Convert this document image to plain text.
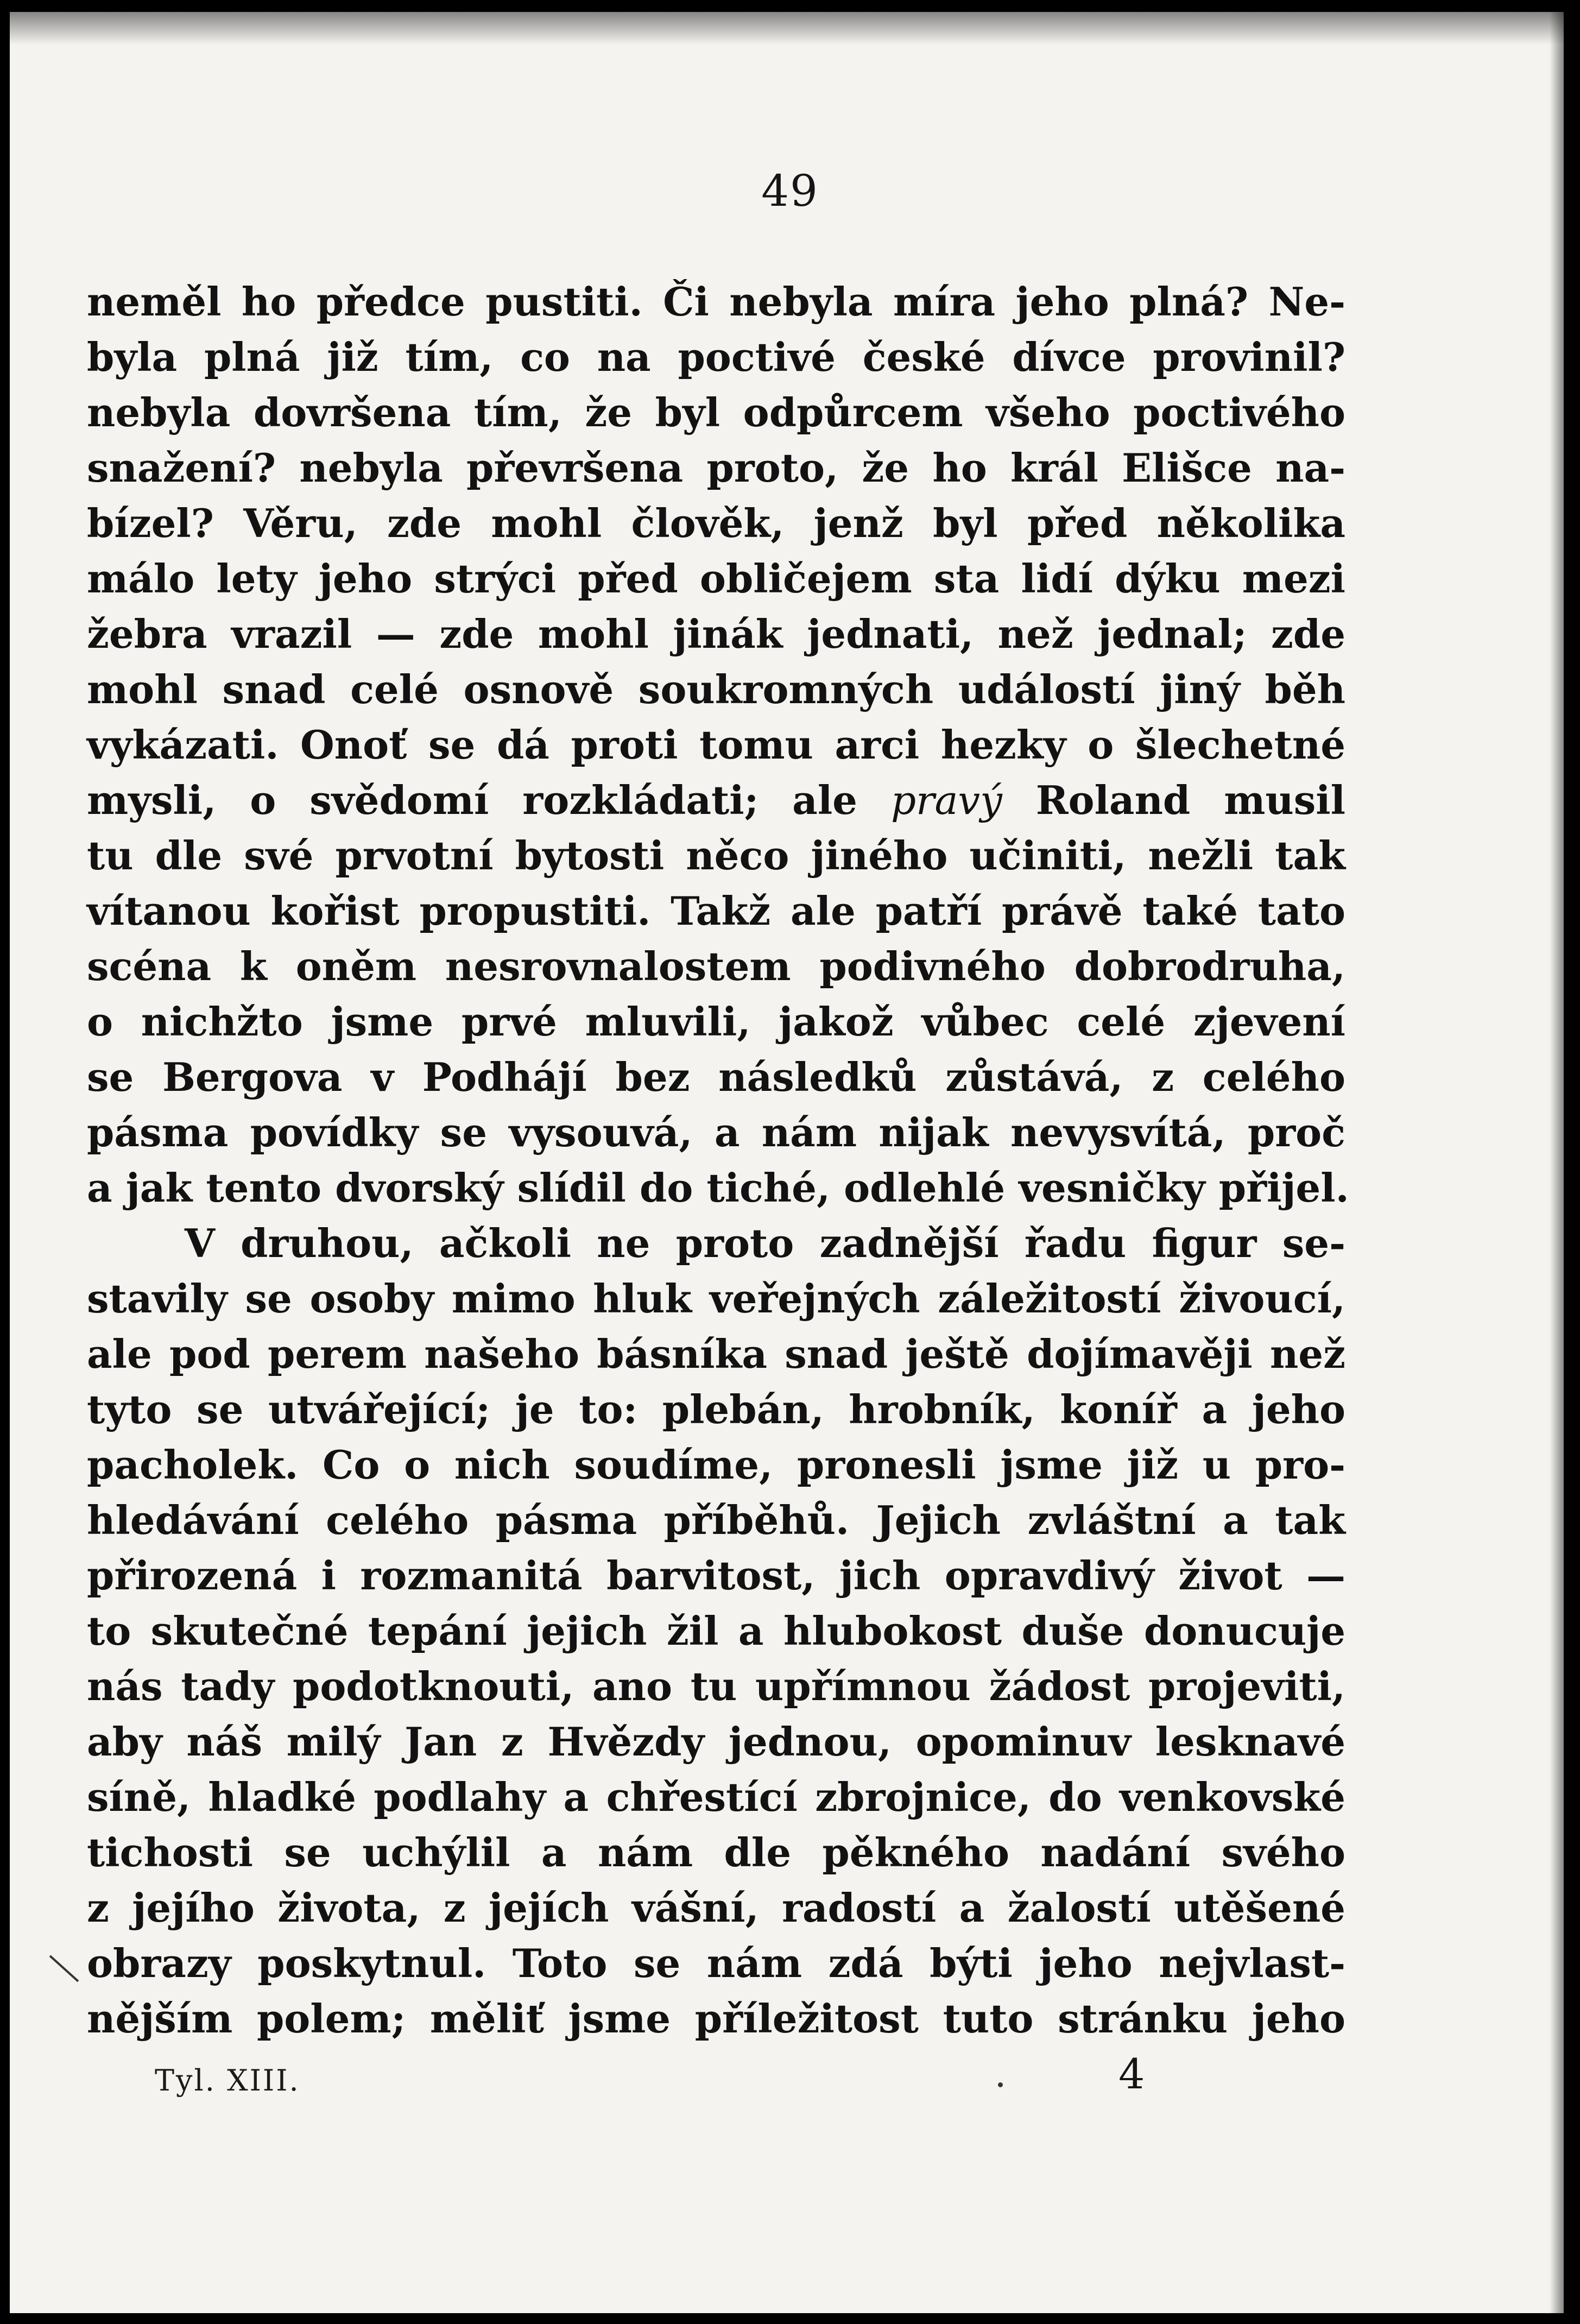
49
neměl ho předce pustiti. Či nebyla míra jeho plná? Ne-
byla plná již tím, co na poctivé české dívce provinil?
nebyla dovršena tím, že byl odpůrcem všeho poctivého
snažení? nebyla převršena proto, že ho král Elišce na-
bízel? Věru, zde mohl člověk, jenž byl před několika
málo lety jeho strýci před obličejem sta lidí dýku mezi
žebra vrazil — zde mohl jinák jednati, než jednal; zde
mohl snad celé osnově soukromných událostí jiný běh
vykázati. Onoť se dá proti tomu arci hezky o šlechetné
mysli, o svědomí rozkládati; ale pravý Roland musil
tu dle své prvotní bytosti něco jiného učiniti, nežli tak
vítanou kořist propustiti. Takž ale patří právě také tato
scéna k oněm nesrovnalostem podivného dobrodruha,
o nichžto jsme prvé mluvili, jakož vůbec celé zjevení
se Bergova v Podhájí bez následků zůstává, z celého
pásma povídky se vysouvá, a nám nijak nevysvítá, proč
a jak tento dvorský slídil do tiché, odlehlé vesničky přijel.
V druhou, ačkoli ne proto zadnější řadu figur se-
stavily se osoby mimo hluk veřejných záležitostí živoucí,
ale pod perem našeho básníka snad ještě dojímavěji než
tyto se utvářející; je to: plebán, hrobník, koníř a jeho
pacholek. Co o nich soudíme, pronesli jsme již u pro-
hledávání celého pásma příběhů. Jejich zvláštní a tak
přirozená i rozmanitá barvitost, jich opravdivý život —
to skutečné tepání jejich žil a hlubokost duše donucuje
nás tady podotknouti, ano tu upřímnou žádost projeviti,
aby náš milý Jan z Hvězdy jednou, opominuv lesknavé
síně, hladké podlahy a chřestící zbrojnice, do venkovské
tichosti se uchýlil a nám dle pěkného nadání svého
z jejího života, z jejích vášní, radostí a žalostí utěšené
obrazy poskytnul. Toto se nám zdá býti jeho nejvlast-
nějším polem; měliť jsme příležitost tuto stránku jeho
Tyl. XIII.	4
